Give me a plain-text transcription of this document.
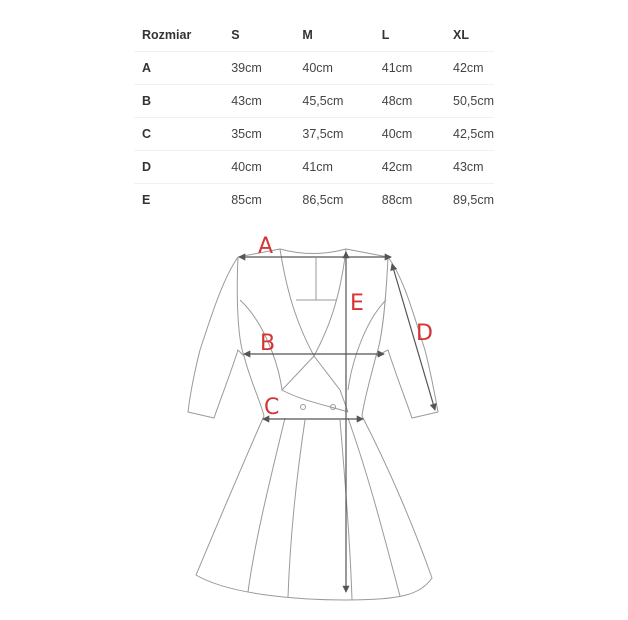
Rozmiar	S	M	L	XL
A	39cm	40cm	41cm	42cm
B	43cm	45,5cm	48cm	50,5cm
C	35cm	37,5cm	40cm	42,5cm
D	40cm	41cm	42cm	43cm
E	85cm	86,5cm	88cm	89,5cm
A
B
C
D
E
